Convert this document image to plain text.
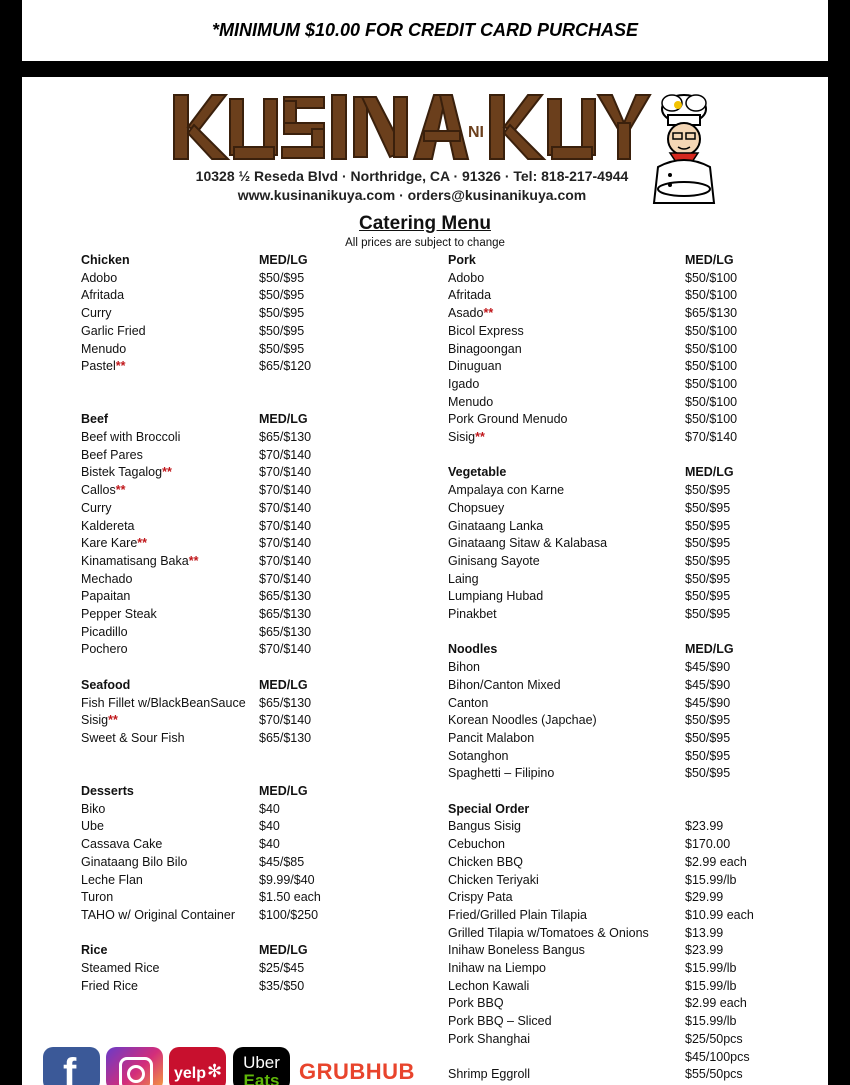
*MINIMUM $10.00 FOR CREDIT CARD PURCHASE
NI
10328 ½ Reseda Blvd · Northridge, CA · 91326 · Tel: 818-217-4944
www.kusinanikuya.com · orders@kusinanikuya.com
Catering Menu
All prices are subject to change
Chicken	MED/LG
Adobo	$50/$95
Afritada	$50/$95
Curry	$50/$95
Garlic Fried	$50/$95
Menudo	$50/$95
Pastel**	$65/$120
Beef	MED/LG
Beef with Broccoli	$65/$130
Beef Pares	$70/$140
Bistek Tagalog**	$70/$140
Callos**	$70/$140
Curry	$70/$140
Kaldereta	$70/$140
Kare Kare**	$70/$140
Kinamatisang Baka**	$70/$140
Mechado	$70/$140
Papaitan	$65/$130
Pepper Steak	$65/$130
Picadillo	$65/$130
Pochero	$70/$140
Seafood	MED/LG
Fish Fillet w/BlackBeanSauce $65/$130
Sisig**	$70/$140
Sweet & Sour Fish	$65/$130
Desserts	MED/LG
Biko	$40
Ube	$40
Cassava Cake	$40
Ginataang Bilo Bilo	$45/$85
Leche Flan	$9.99/$40
Turon	$1.50 each
TAHO w/ Original Container $100/$250
Rice	MED/LG
Steamed Rice	$25/$45
Fried Rice	$35/$50
Pork	MED/LG
Adobo	$50/$100
Afritada	$50/$100
Asado**	$65/$130
Bicol Express	$50/$100
Binagoongan	$50/$100
Dinuguan	$50/$100
Igado	$50/$100
Menudo	$50/$100
Pork Ground Menudo	$50/$100
Sisig**	$70/$140
Vegetable	MED/LG
Ampalaya con Karne	$50/$95
Chopsuey	$50/$95
Ginataang Lanka	$50/$95
Ginataang Sitaw & Kalabasa	$50/$95
Ginisang Sayote	$50/$95
Laing	$50/$95
Lumpiang Hubad	$50/$95
Pinakbet	$50/$95
Noodles	MED/LG
Bihon	$45/$90
Bihon/Canton Mixed	$45/$90
Canton	$45/$90
Korean Noodles (Japchae)	$50/$95
Pancit Malabon	$50/$95
Sotanghon	$50/$95
Spaghetti – Filipino	$50/$95
Special Order
Bangus Sisig	$23.99
Cebuchon	$170.00
Chicken BBQ	$2.99 each
Chicken Teriyaki	$15.99/lb
Crispy Pata	$29.99
Fried/Grilled Plain Tilapia	$10.99 each
Grilled Tilapia w/Tomatoes & Onions	$13.99
Inihaw Boneless Bangus	$23.99
Inihaw na Liempo	$15.99/lb
Lechon Kawali	$15.99/lb
Pork BBQ	$2.99 each
Pork BBQ – Sliced	$15.99/lb
Pork Shanghai	$25/50pcs
$45/100pcs
Shrimp Eggroll	$55/50pcs
f	yelp ✻	Uber
Eats GRUBHUB
